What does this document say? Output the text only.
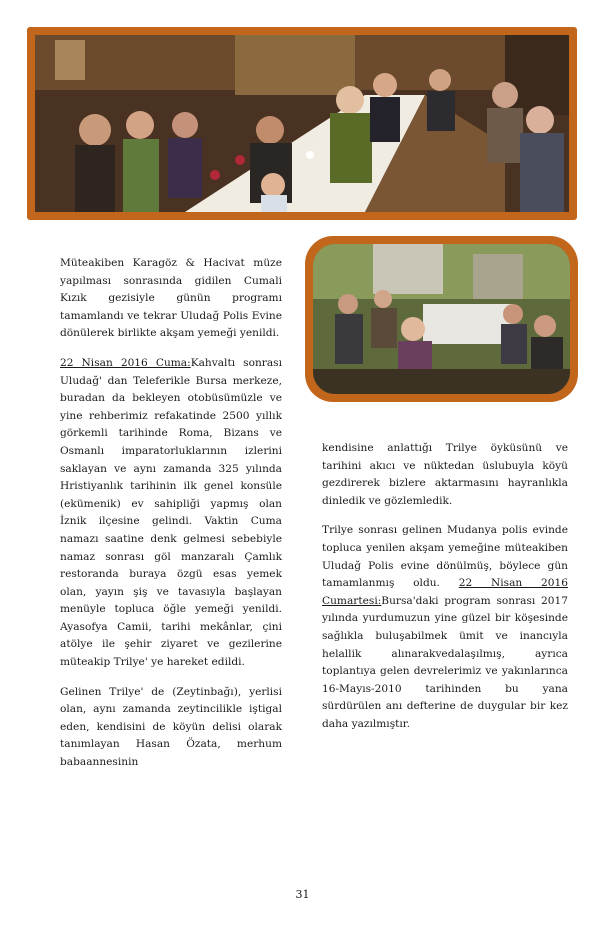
Müteakiben Karagöz & Hacivat müze yapılması sonrasında gidilen Cumali Kızık gezisiyle günün programı tamamlandı ve tekrar Uludağ Polis Evine dönülerek birlikte akşam yemeği yenildi.

22 Nisan 2016 Cuma:Kahvaltı sonrası Uludağ' dan Teleferikle Bursa merkeze, buradan da bekleyen otobüsümüzle ve yine rehberimiz refakatinde 2500 yıllık görkemli tarihinde Roma, Bizans ve Osmanlı imparatorluklarının izlerini saklayan ve aynı zamanda 325 yılında Hristiyanlık tarihinin ilk genel konsüle (ekümenik) ev sahipliği yapmış olan İznik ilçesine gelindi. Vaktin Cuma namazı saatine denk gelmesi sebebiyle namaz sonrası göl manzaralı Çamlık restoranda buraya özgü esas yemek olan, yayın şiş ve tavasıyla başlayan menüyle topluca öğle yemeği yenildi. Ayasofya Camii, tarihi mekânlar, çini atölye ile şehir ziyaret ve gezilerine müteakip Trilye' ye hareket edildi.

Gelinen Trilye' de (Zeytinbağı), yerlisi olan, aynı zamanda zeytincilikle iştigal eden, kendisini de köyün delisi olarak tanımlayan Hasan Özata, merhum babaannesinin

kendisine anlattığı Trilye öyküsünü ve tarihini akıcı ve nüktedan üslubuyla köyü gezdirerek bizlere aktarmasını hayranlıkla dinledik ve gözlemledik.

Trilye sonrası gelinen Mudanya polis evinde topluca yenilen akşam yemeğine müteakiben Uludağ Polis evine dönülmüş, böylece gün tamamlanmış oldu. 22 Nisan 2016 Cumartesi:Bursa'daki program sonrası 2017 yılında yurdumuzun yine güzel bir köşesinde sağlıkla buluşabilmek ümit ve inancıyla helallik alınarakvedalaşılmış, ayrıca toplantıya gelen devrelerimiz ve yakınlarınca 16-Mayıs-2010 tarihinden bu yana sürdürülen anı defterine de duygular bir kez daha yazılmıştır.

31
